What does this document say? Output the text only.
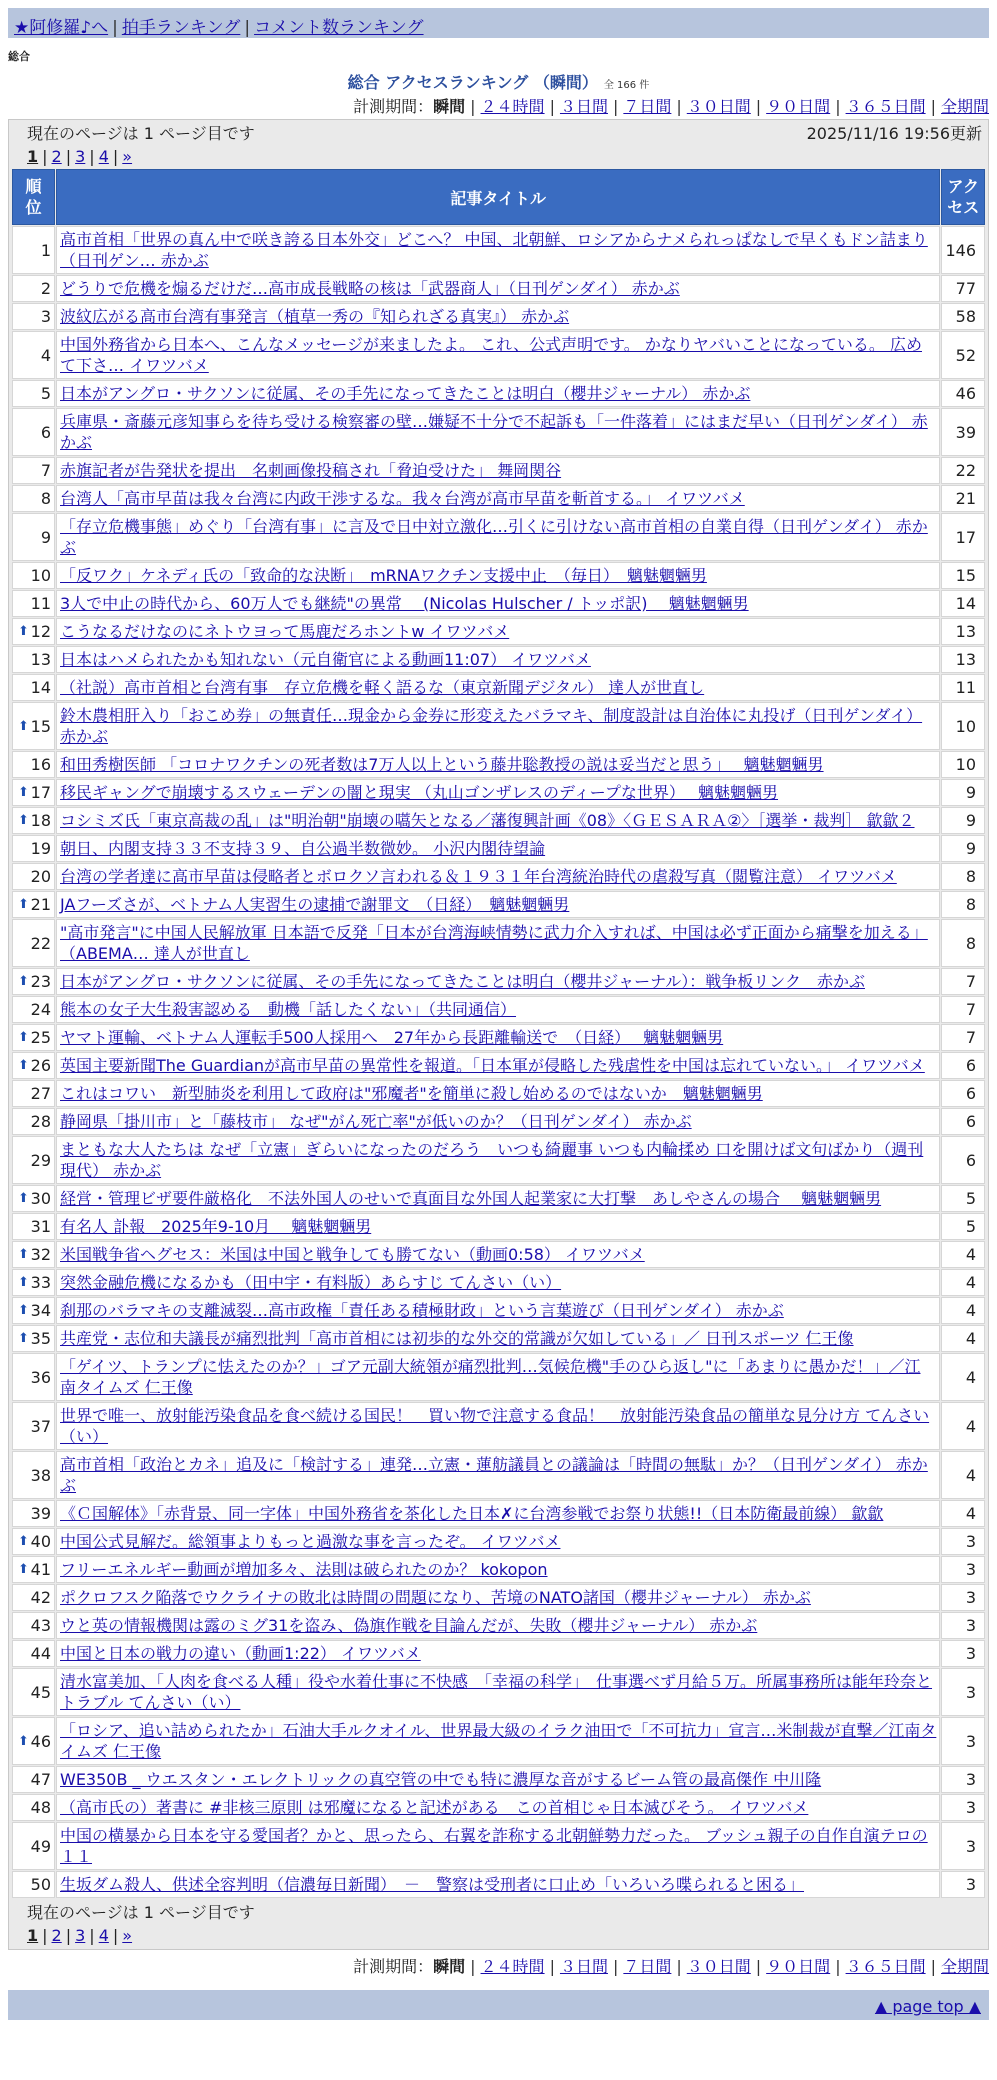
★阿修羅♪へ | 拍手ランキング | コメント数ランキング
総合
総合 アクセスランキング （瞬間） 全 166 件
計測期間：瞬間 | ２４時間 | ３日間 | ７日間 | ３０日間 | ９０日間 | ３６５日間 | 全期間
現在のページは 1 ページ目です	2025/11/16 19:56更新
1 | 2 | 3 | 4 | »
順
位	記事タイトル	アク
セス
1	高市首相「世界の真ん中で咲き誇る日本外交」どこへ？ 中国、北朝鮮、ロシアからナメられっぱなしで早くもドン詰まり（日刊ゲン… 赤かぶ	146
2	どうりで危機を煽るだけだ…高市成長戦略の核は「武器商人」（日刊ゲンダイ） 赤かぶ	77
3	波紋広がる高市台湾有事発言（植草一秀の『知られざる真実』） 赤かぶ	58
4	中国外務省から日本へ、こんなメッセージが来ましたよ。 これ、公式声明です。 かなりヤバいことになっている。 広めて下さ… イワツバメ	52
5	日本がアングロ・サクソンに従属、その手先になってきたことは明白（櫻井ジャーナル） 赤かぶ	46
6	兵庫県・斎藤元彦知事らを待ち受ける検察審の壁…嫌疑不十分で不起訴も「一件落着」にはまだ早い（日刊ゲンダイ） 赤かぶ	39
7	赤旗記者が告発状を提出　名刺画像投稿され「脅迫受けた」 舞岡関谷	22
8	台湾人「高市早苗は我々台湾に内政干渉するな。我々台湾が高市早苗を斬首する。」 イワツバメ	21
9	「存立危機事態」めぐり「台湾有事」に言及で日中対立激化…引くに引けない高市首相の自業自得（日刊ゲンダイ） 赤かぶ	17
10	「反ワク」ケネディ氏の「致命的な決断」　mRNAワクチン支援中止　（毎日）　魑魅魍魎男	15
11	3人で中止の時代から、60万人でも継続"の異常　 (Nicolas Hulscher / トッポ訳)　 魑魅魍魎男	14

⬆ 12	こうなるだけなのにネトウヨって馬鹿だろホントw イワツバメ	13
13	日本はハメられたかも知れない（元自衛官による動画11:07） イワツバメ	13
14	（社説）高市首相と台湾有事　存立危機を軽く語るな（東京新聞デジタル） 達人が世直し	11

⬆ 15	鈴木農相肝入り「おこめ券」の無責任…現金から金券に形変えたバラマキ、制度設計は自治体に丸投げ（日刊ゲンダイ） 赤かぶ	10
16	和田秀樹医師 「コロナワクチンの死者数は7万人以上という藤井聡教授の説は妥当だと思う」　 魑魅魍魎男	10

⬆ 17	移民ギャングで崩壊するスウェーデンの闇と現実 （丸山ゴンザレスのディープな世界）　 魑魅魍魎男	9

⬆ 18	コシミズ氏「東京高裁の乱」は"明治朝"崩壊の嚆矢となる／藩復興計画《08》〈ＧＥＳＡＲＡ②〉［選挙・裁判］ 歙歙２	9
19	朝日、内閣支持３３不支持３９、自公過半数微妙。 小沢内閣待望論	9
20	台湾の学者達に高市早苗は侵略者とボロクソ言われる＆１９３１年台湾統治時代の虐殺写真（閲覧注意） イワツバメ	8

⬆ 21	JAフーズさが、ベトナム人実習生の逮捕で謝罪文　（日経）　魑魅魍魎男	8
22	"高市発言"に中国人民解放軍 日本語で反発「日本が台湾海峡情勢に武力介入すれば、中国は必ず正面から痛撃を加える」（ABEMA… 達人が世直し	8

⬆ 23	日本がアングロ・サクソンに従属、その手先になってきたことは明白（櫻井ジャーナル）：戦争板リンク　赤かぶ	7
24	熊本の女子大生殺害認める　動機「話したくない」（共同通信）	7

⬆ 25	ヤマト運輸、ベトナム人運転手500人採用へ　27年から長距離輸送で　（日経）　 魑魅魍魎男	7

⬆ 26	英国主要新聞The Guardianが高市早苗の異常性を報道。「日本軍が侵略した残虐性を中国は忘れていない。」 イワツバメ	6
27	これはコワい　新型肺炎を利用して政府は"邪魔者"を簡単に殺し始めるのではないか　魑魅魍魎男	6
28	静岡県「掛川市」と「藤枝市」 なぜ"がん死亡率"が低いのか？（日刊ゲンダイ） 赤かぶ	6
29	まともな大人たちは なぜ「立憲」ぎらいになったのだろう　いつも綺麗事 いつも内輪揉め 口を開けば文句ばかり（週刊現代） 赤かぶ	6

⬆ 30	経営・管理ビザ要件厳格化　不法外国人のせいで真面目な外国人起業家に大打撃　あしやさんの場合　 魑魅魍魎男	5
31	有名人 訃報　2025年9-10月　 魑魅魍魎男	5

⬆ 32	米国戦争省ヘグセス：米国は中国と戦争しても勝てない（動画0:58） イワツバメ	4

⬆ 33	突然金融危機になるかも（田中宇・有料版）あらすじ てんさい（い）	4

⬆ 34	刹那のバラマキの支離滅裂…高市政権「責任ある積極財政」という言葉遊び（日刊ゲンダイ） 赤かぶ	4

⬆ 35	共産党・志位和夫議長が痛烈批判「高市首相には初歩的な外交的常識が欠如している」／ 日刊スポーツ 仁王像	4
36	「ゲイツ、トランプに怯えたのか？」ゴア元副大統領が痛烈批判…気候危機"手のひら返し"に「あまりに愚かだ！」／江南タイムズ 仁王像	4
37	世界で唯一、放射能汚染食品を食べ続ける国民！　買い物で注意する食品！　放射能汚染食品の簡単な見分け方 てんさい（い）	4
38	高市首相「政治とカネ」追及に「検討する」連発…立憲・蓮舫議員との議論は「時間の無駄」か？（日刊ゲンダイ） 赤かぶ	4
39	《Ｃ国解体》「赤背景、同一字体」中国外務省を茶化した日本✗に台湾参戦でお祭り状態!!（日本防衛最前線） 歙歙	4

⬆ 40	中国公式見解だ。総領事よりもっと過激な事を言ったぞ。 イワツバメ	3

⬆ 41	フリーエネルギー動画が増加多々、法則は破られたのか？ kokopon	3
42	ポクロフスク陥落でウクライナの敗北は時間の問題になり、苦境のNATO諸国（櫻井ジャーナル） 赤かぶ	3
43	ウと英の情報機関は露のミグ31を盗み、偽旗作戦を目論んだが、失敗（櫻井ジャーナル） 赤かぶ	3
44	中国と日本の戦力の違い（動画1:22） イワツバメ	3
45	清水富美加、「人肉を食べる人種」役や水着仕事に不快感　「幸福の科学」　仕事選べず月給５万。所属事務所は能年玲奈とトラブル てんさい（い）	3

⬆ 46	「ロシア、追い詰められたか」石油大手ルクオイル、世界最大級のイラク油田で「不可抗力」宣言…米制裁が直撃／江南タイムズ 仁王像	3
47	WE350B _ ウエスタン・エレクトリックの真空管の中でも特に濃厚な音がするビーム管の最高傑作 中川隆	3
48	（高市氏の）著書に #非核三原則 は邪魔になると記述がある　この首相じゃ日本滅びそう。 イワツバメ	3
49	中国の横暴から日本を守る愛国者？かと、思ったら、右翼を詐称する北朝鮮勢力だった。 ブッシュ親子の自作自演テロの１１	3
50	生坂ダム殺人、供述全容判明（信濃毎日新聞）　－　警察は受刑者に口止め「いろいろ喋られると困る」	3
現在のページは 1 ページ目です
1 | 2 | 3 | 4 | »
計測期間：瞬間 | ２４時間 | ３日間 | ７日間 | ３０日間 | ９０日間 | ３６５日間 | 全期間
▲ page top ▲
